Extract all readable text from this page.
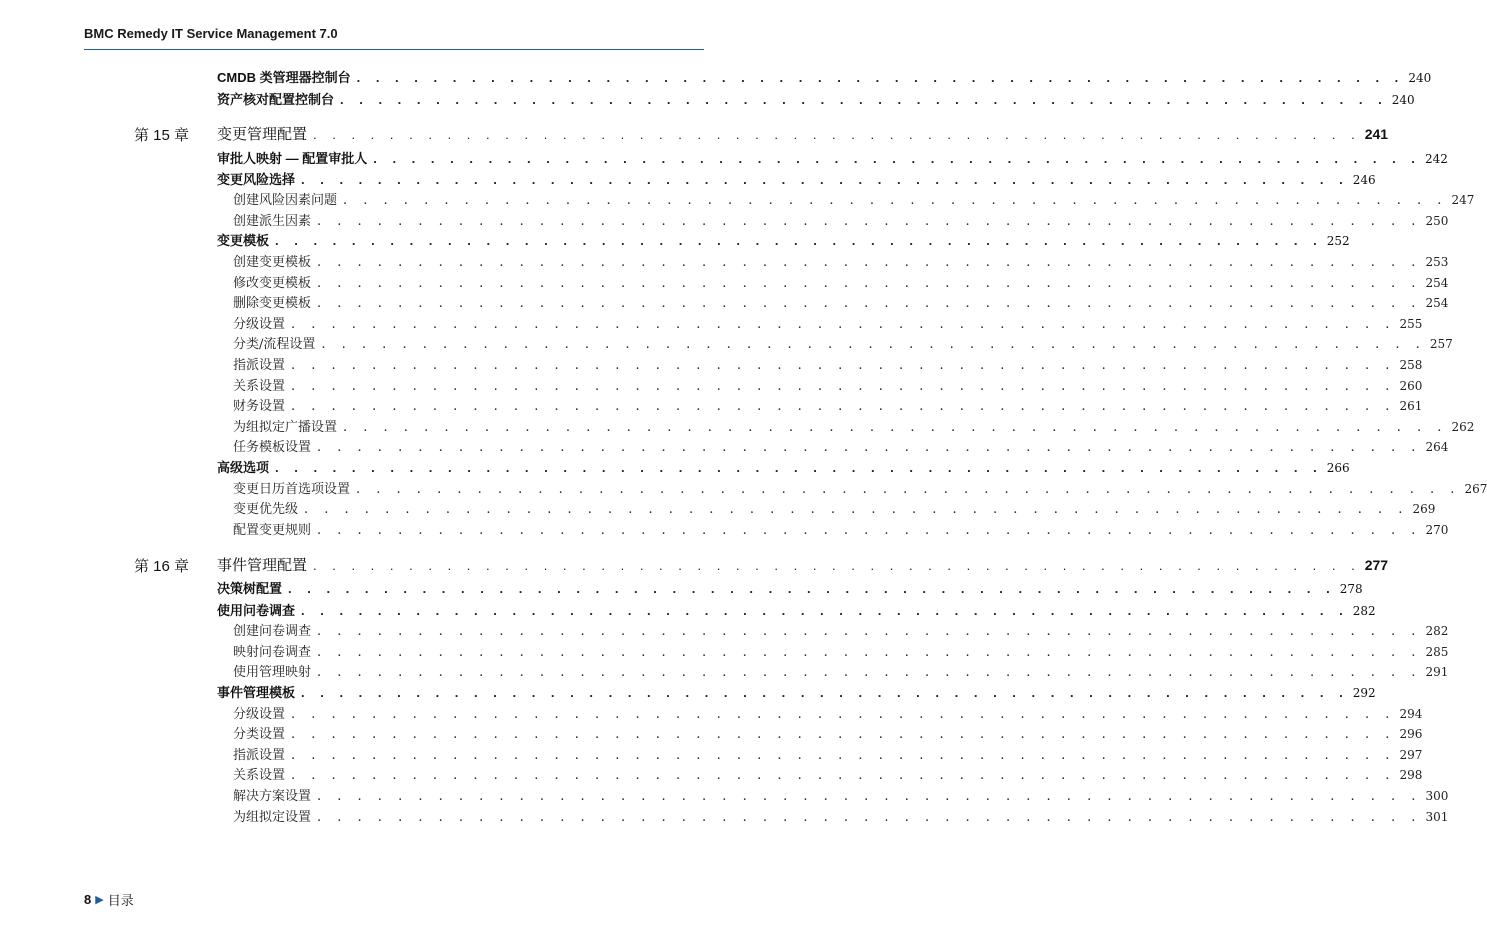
BMC Remedy IT Service Management 7.0
CMDB 类管理器控制台 . . . . . . . . . . . . . . . . . . . . . . . . . . . . . . . . . . . . . . . . . . . . . . . . . . . . . . . 240
资产核对配置控制台 . . . . . . . . . . . . . . . . . . . . . . . . . . . . . . . . . . . . . . . . . . . . . . . . . . . . . . . 240
第 15 章 变更管理配置 . . . . . . . . . . . . . . . . . . . . . . . . . . . . . . . . . . . . . . . . . . . . . . . . . . . . . . . 241
审批人映射 — 配置审批人 . . . . . . . . . . . . . . . . . . . . . . . . . . . . . . . . . . . . . . . . . . . . . . . . . . . . . . . 242
变更风险选择 . . . . . . . . . . . . . . . . . . . . . . . . . . . . . . . . . . . . . . . . . . . . . . . . . . . . . . . 246
创建风险因素问题 . . . . . . . . . . . . . . . . . . . . . . . . . . . . . . . . . . . . . . . . . . . . . . . . . . . . . . . 247
创建派生因素 . . . . . . . . . . . . . . . . . . . . . . . . . . . . . . . . . . . . . . . . . . . . . . . . . . . . . . . 250
变更模板 . . . . . . . . . . . . . . . . . . . . . . . . . . . . . . . . . . . . . . . . . . . . . . . . . . . . . . . 252
创建变更模板 . . . . . . . . . . . . . . . . . . . . . . . . . . . . . . . . . . . . . . . . . . . . . . . . . . . . . . . 253
修改变更模板 . . . . . . . . . . . . . . . . . . . . . . . . . . . . . . . . . . . . . . . . . . . . . . . . . . . . . . . 254
删除变更模板 . . . . . . . . . . . . . . . . . . . . . . . . . . . . . . . . . . . . . . . . . . . . . . . . . . . . . . . 254
分级设置 . . . . . . . . . . . . . . . . . . . . . . . . . . . . . . . . . . . . . . . . . . . . . . . . . . . . . . . 255
分类/流程设置 . . . . . . . . . . . . . . . . . . . . . . . . . . . . . . . . . . . . . . . . . . . . . . . . . . . . . . . 257
指派设置 . . . . . . . . . . . . . . . . . . . . . . . . . . . . . . . . . . . . . . . . . . . . . . . . . . . . . . . 258
关系设置 . . . . . . . . . . . . . . . . . . . . . . . . . . . . . . . . . . . . . . . . . . . . . . . . . . . . . . . 260
财务设置 . . . . . . . . . . . . . . . . . . . . . . . . . . . . . . . . . . . . . . . . . . . . . . . . . . . . . . . 261
为组拟定广播设置 . . . . . . . . . . . . . . . . . . . . . . . . . . . . . . . . . . . . . . . . . . . . . . . . . . . . . . . 262
任务模板设置 . . . . . . . . . . . . . . . . . . . . . . . . . . . . . . . . . . . . . . . . . . . . . . . . . . . . . . . 264
高级选项 . . . . . . . . . . . . . . . . . . . . . . . . . . . . . . . . . . . . . . . . . . . . . . . . . . . . . . . 266
变更日历首选项设置 . . . . . . . . . . . . . . . . . . . . . . . . . . . . . . . . . . . . . . . . . . . . . . . . . . . . . . . 267
变更优先级 . . . . . . . . . . . . . . . . . . . . . . . . . . . . . . . . . . . . . . . . . . . . . . . . . . . . . . . 269
配置变更规则 . . . . . . . . . . . . . . . . . . . . . . . . . . . . . . . . . . . . . . . . . . . . . . . . . . . . . . . 270
第 16 章 事件管理配置 . . . . . . . . . . . . . . . . . . . . . . . . . . . . . . . . . . . . . . . . . . . . . . . . . . . . . . . 277
决策树配置 . . . . . . . . . . . . . . . . . . . . . . . . . . . . . . . . . . . . . . . . . . . . . . . . . . . . . . . 278
使用问卷调查 . . . . . . . . . . . . . . . . . . . . . . . . . . . . . . . . . . . . . . . . . . . . . . . . . . . . . . . 282
创建问卷调查 . . . . . . . . . . . . . . . . . . . . . . . . . . . . . . . . . . . . . . . . . . . . . . . . . . . . . . . 282
映射问卷调查 . . . . . . . . . . . . . . . . . . . . . . . . . . . . . . . . . . . . . . . . . . . . . . . . . . . . . . . 285
使用管理映射 . . . . . . . . . . . . . . . . . . . . . . . . . . . . . . . . . . . . . . . . . . . . . . . . . . . . . . . 291
事件管理模板 . . . . . . . . . . . . . . . . . . . . . . . . . . . . . . . . . . . . . . . . . . . . . . . . . . . . . . . 292
分级设置 . . . . . . . . . . . . . . . . . . . . . . . . . . . . . . . . . . . . . . . . . . . . . . . . . . . . . . . 294
分类设置 . . . . . . . . . . . . . . . . . . . . . . . . . . . . . . . . . . . . . . . . . . . . . . . . . . . . . . . 296
指派设置 . . . . . . . . . . . . . . . . . . . . . . . . . . . . . . . . . . . . . . . . . . . . . . . . . . . . . . . 297
关系设置 . . . . . . . . . . . . . . . . . . . . . . . . . . . . . . . . . . . . . . . . . . . . . . . . . . . . . . . 298
解决方案设置 . . . . . . . . . . . . . . . . . . . . . . . . . . . . . . . . . . . . . . . . . . . . . . . . . . . . . . . 300
为组拟定设置 . . . . . . . . . . . . . . . . . . . . . . . . . . . . . . . . . . . . . . . . . . . . . . . . . . . . . . . 301
8 ▶ 目录
